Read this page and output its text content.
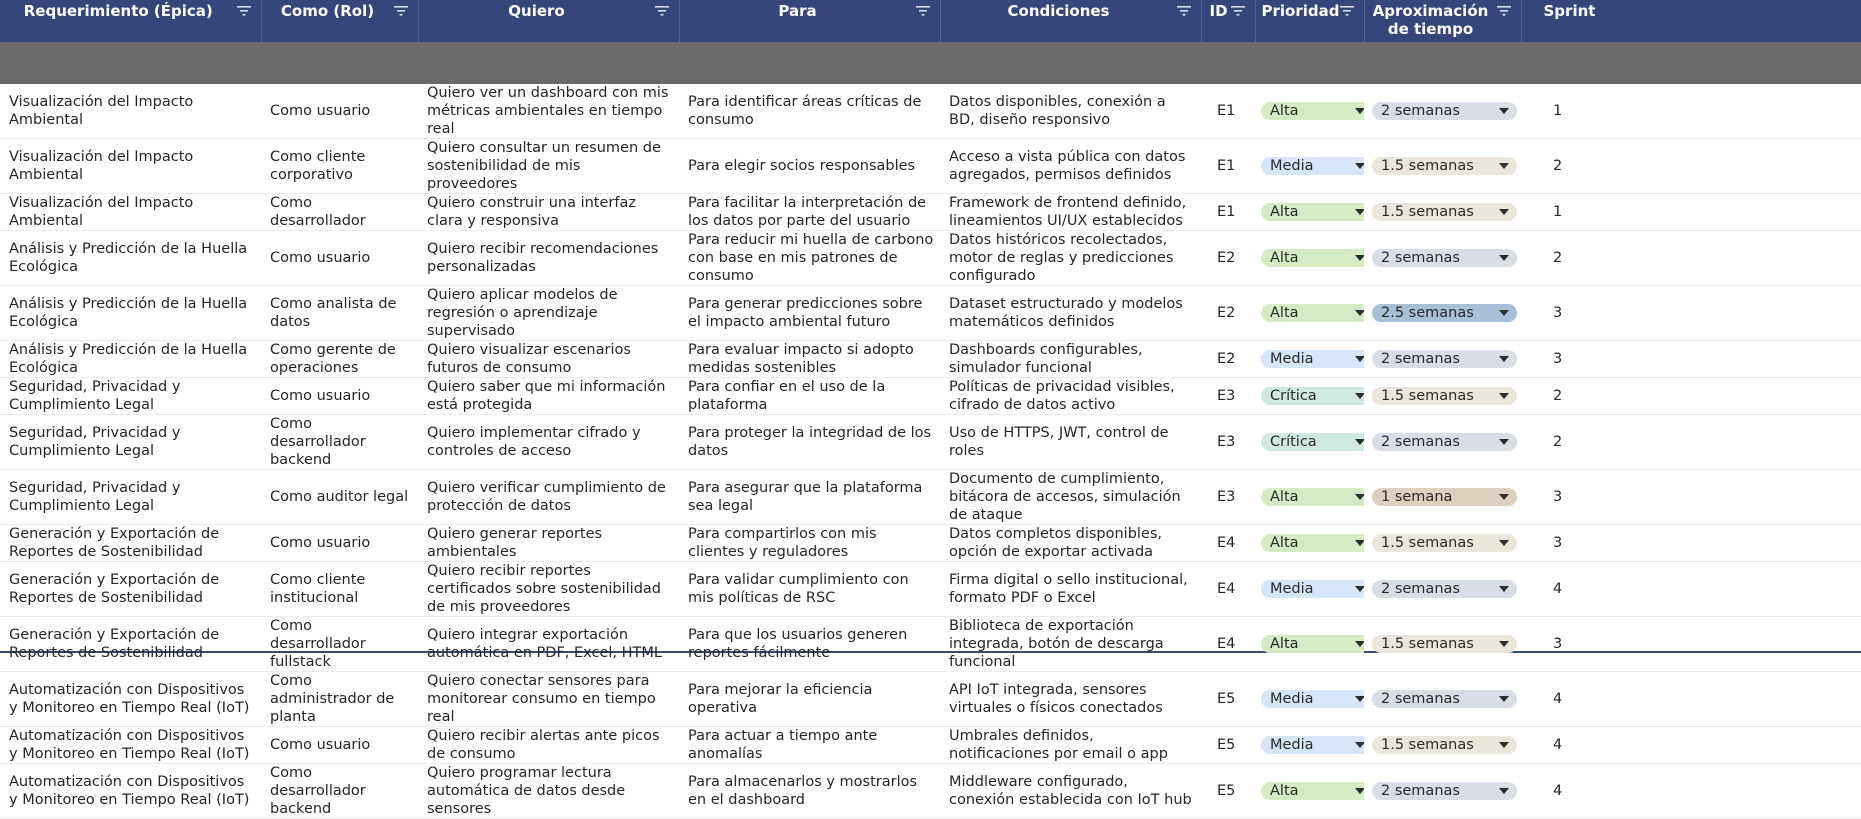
Requerimiento (Épica)	Como (Rol)	Quiero	Para	Condiciones	ID	Prioridad	Aproximación
de tiempo	Sprint

Visualización del Impacto Ambiental	Como usuario	Quiero ver un dashboard con mis métricas ambientales en tiempo real	Para identificar áreas críticas de consumo	Datos disponibles, conexión a BD, diseño responsivo	E1	Alta	2 semanas	1
Visualización del Impacto Ambiental	Como cliente corporativo	Quiero consultar un resumen de sostenibilidad de mis proveedores	Para elegir socios responsables	Acceso a vista pública con datos agregados, permisos definidos	E1	Media	1.5 semanas	2
Visualización del Impacto Ambiental	Como desarrollador	Quiero construir una interfaz clara y responsiva	Para facilitar la interpretación de los datos por parte del usuario	Framework de frontend definido, lineamientos UI/UX establecidos	E1	Alta	1.5 semanas	1
Análisis y Predicción de la Huella Ecológica	Como usuario	Quiero recibir recomendaciones personalizadas	Para reducir mi huella de carbono con base en mis patrones de consumo	Datos históricos recolectados, motor de reglas y predicciones configurado	E2	Alta	2 semanas	2
Análisis y Predicción de la Huella Ecológica	Como analista de datos	Quiero aplicar modelos de regresión o aprendizaje supervisado	Para generar predicciones sobre el impacto ambiental futuro	Dataset estructurado y modelos matemáticos definidos	E2	Alta	2.5 semanas	3
Análisis y Predicción de la Huella Ecológica	Como gerente de operaciones	Quiero visualizar escenarios futuros de consumo	Para evaluar impacto si adopto medidas sostenibles	Dashboards configurables, simulador funcional	E2	Media	2 semanas	3
Seguridad, Privacidad y Cumplimiento Legal	Como usuario	Quiero saber que mi información está protegida	Para confiar en el uso de la plataforma	Políticas de privacidad visibles, cifrado de datos activo	E3	Crítica	1.5 semanas	2
Seguridad, Privacidad y Cumplimiento Legal	Como desarrollador backend	Quiero implementar cifrado y controles de acceso	Para proteger la integridad de los datos	Uso de HTTPS, JWT, control de roles	E3	Crítica	2 semanas	2
Seguridad, Privacidad y Cumplimiento Legal	Como auditor legal	Quiero verificar cumplimiento de protección de datos	Para asegurar que la plataforma sea legal	Documento de cumplimiento, bitácora de accesos, simulación de ataque	E3	Alta	1 semana	3
Generación y Exportación de Reportes de Sostenibilidad	Como usuario	Quiero generar reportes ambientales	Para compartirlos con mis clientes y reguladores	Datos completos disponibles, opción de exportar activada	E4	Alta	1.5 semanas	3
Generación y Exportación de Reportes de Sostenibilidad	Como cliente institucional	Quiero recibir reportes certificados sobre sostenibilidad de mis proveedores	Para validar cumplimiento con mis políticas de RSC	Firma digital o sello institucional, formato PDF o Excel	E4	Media	2 semanas	4
Generación y Exportación de Reportes de Sostenibilidad	Como desarrollador fullstack	Quiero integrar exportación automática en PDF, Excel, HTML	Para que los usuarios generen reportes fácilmente	Biblioteca de exportación integrada, botón de descarga funcional	E4	Alta	1.5 semanas	3
Automatización con Dispositivos y Monitoreo en Tiempo Real (IoT)	Como administrador de planta	Quiero conectar sensores para monitorear consumo en tiempo real	Para mejorar la eficiencia operativa	API IoT integrada, sensores virtuales o físicos conectados	E5	Media	2 semanas	4
Automatización con Dispositivos y Monitoreo en Tiempo Real (IoT)	Como usuario	Quiero recibir alertas ante picos de consumo	Para actuar a tiempo ante anomalías	Umbrales definidos, notificaciones por email o app	E5	Media	1.5 semanas	4
Automatización con Dispositivos y Monitoreo en Tiempo Real (IoT)	Como desarrollador backend	Quiero programar lectura automática de datos desde sensores	Para almacenarlos y mostrarlos en el dashboard	Middleware configurado, conexión establecida con IoT hub	E5	Alta	2 semanas	4
